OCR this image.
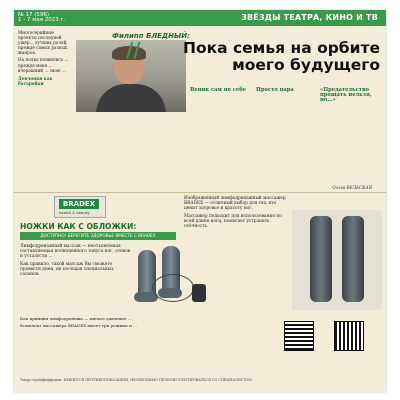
№ 17 (596)
1 - 7 мая 2023 г.	ЗВЁЗДЫ ТЕАТРА, КИНО И ТВ

Многосерийные проекты последней ущер... лучших ролей, прежде самых разных жанров.

На полке появились ... прежде меня ... вчерашний ... свою ...

Девчонки как батарейки

Филипп БЛЕДНЫЙ:
//	Пока семья на орбите моего будущего

Веник сам по себе	Просто пара	«Предательство прощать нельзя, но...»

Ольга ВЕЛЬСКАЯ
BRADEX
health & beauty
НОЖКИ КАК С ОБЛОЖКИ:
ДОСТУПНО! БЕРЕГИТЕ ЗДОРОВЬЕ ВМЕСТЕ С ВRАDEX

Лимфодренажный массаж — неотъемлемая составляющая полноценного тонуса ног, отеков и усталости ...

Как правило, такой массаж Вы сможете провести дома, не посещая специальных салонов.

Изображенный лимфодренажный массажер BRADEX — отличный выбор для тех, кто ценит здоровье и красоту ног.

Массажер подходит для использования по всей длине ноги, помогает устранить отёчность.

Как принцип лимфодренажа — мягкое давление ...

Комплект массажёра BRADEX имеет три режима и ...

Товар сертифицирован. ИМЕЮТСЯ ПРОТИВОПОКАЗАНИЯ, НЕОБХОДИМО ПРОКОНСУЛЬТИРОВАТЬСЯ СО СПЕЦИАЛИСТОМ.
